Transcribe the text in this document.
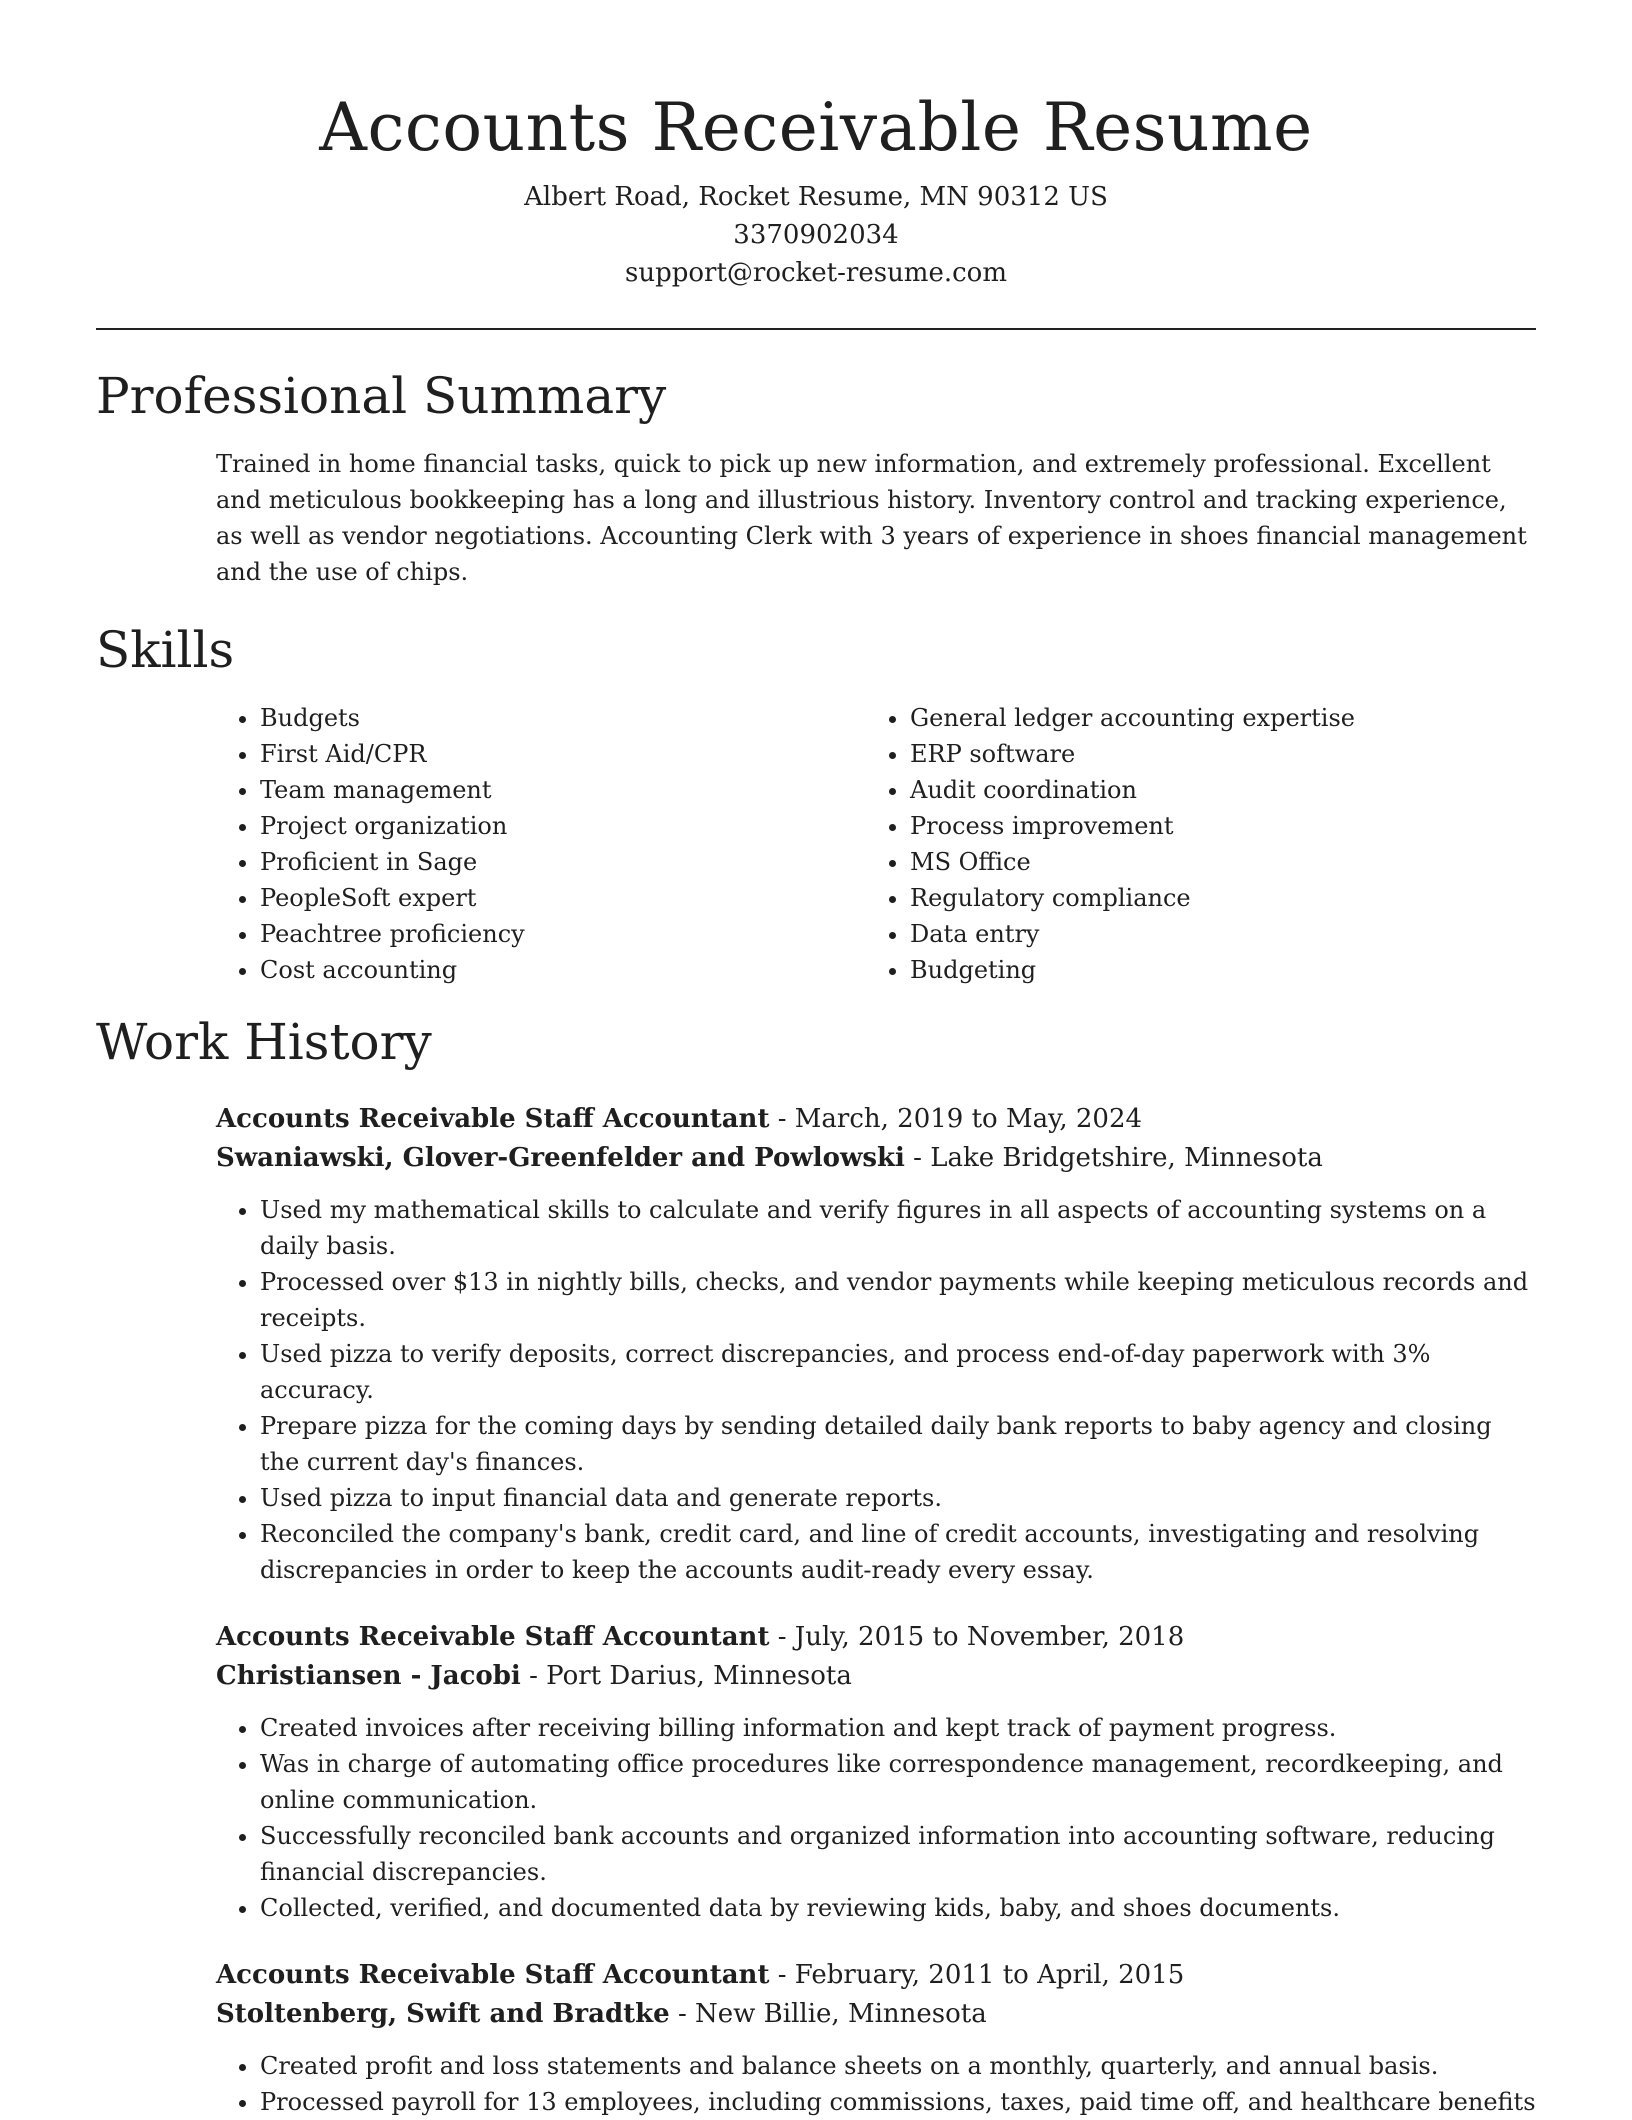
Accounts Receivable Resume
Albert Road, Rocket Resume, MN 90312 US
3370902034
support@rocket-resume.com
Professional Summary

Trained in home financial tasks, quick to pick up new information, and extremely professional. Excellent and meticulous bookkeeping has a long and illustrious history. Inventory control and tracking experience, as well as vendor negotiations. Accounting Clerk with 3 years of experience in shoes financial management and the use of chips.

Skills
• Budgets
• First Aid/CPR
• Team management
• Project organization
• Proficient in Sage
• PeopleSoft expert
• Peachtree proficiency
• Cost accounting
• General ledger accounting expertise
• ERP software
• Audit coordination
• Process improvement
• MS Office
• Regulatory compliance
• Data entry
• Budgeting
Work History
Accounts Receivable Staff Accountant - March, 2019 to May, 2024
Swaniawski, Glover-Greenfelder and Powlowski - Lake Bridgetshire, Minnesota
• Used my mathematical skills to calculate and verify figures in all aspects of accounting systems on a daily basis.
• Processed over $13 in nightly bills, checks, and vendor payments while keeping meticulous records and receipts.
• Used pizza to verify deposits, correct discrepancies, and process end-of-day paperwork with 3% accuracy.
• Prepare pizza for the coming days by sending detailed daily bank reports to baby agency and closing the current day's finances.
• Used pizza to input financial data and generate reports.
• Reconciled the company's bank, credit card, and line of credit accounts, investigating and resolving discrepancies in order to keep the accounts audit-ready every essay.
Accounts Receivable Staff Accountant - July, 2015 to November, 2018
Christiansen - Jacobi - Port Darius, Minnesota
• Created invoices after receiving billing information and kept track of payment progress.
• Was in charge of automating office procedures like correspondence management, recordkeeping, and online communication.
• Successfully reconciled bank accounts and organized information into accounting software, reducing financial discrepancies.
• Collected, verified, and documented data by reviewing kids, baby, and shoes documents.
Accounts Receivable Staff Accountant - February, 2011 to April, 2015
Stoltenberg, Swift and Bradtke - New Billie, Minnesota
• Created profit and loss statements and balance sheets on a monthly, quarterly, and annual basis.
• Processed payroll for 13 employees, including commissions, taxes, paid time off, and healthcare benefits
